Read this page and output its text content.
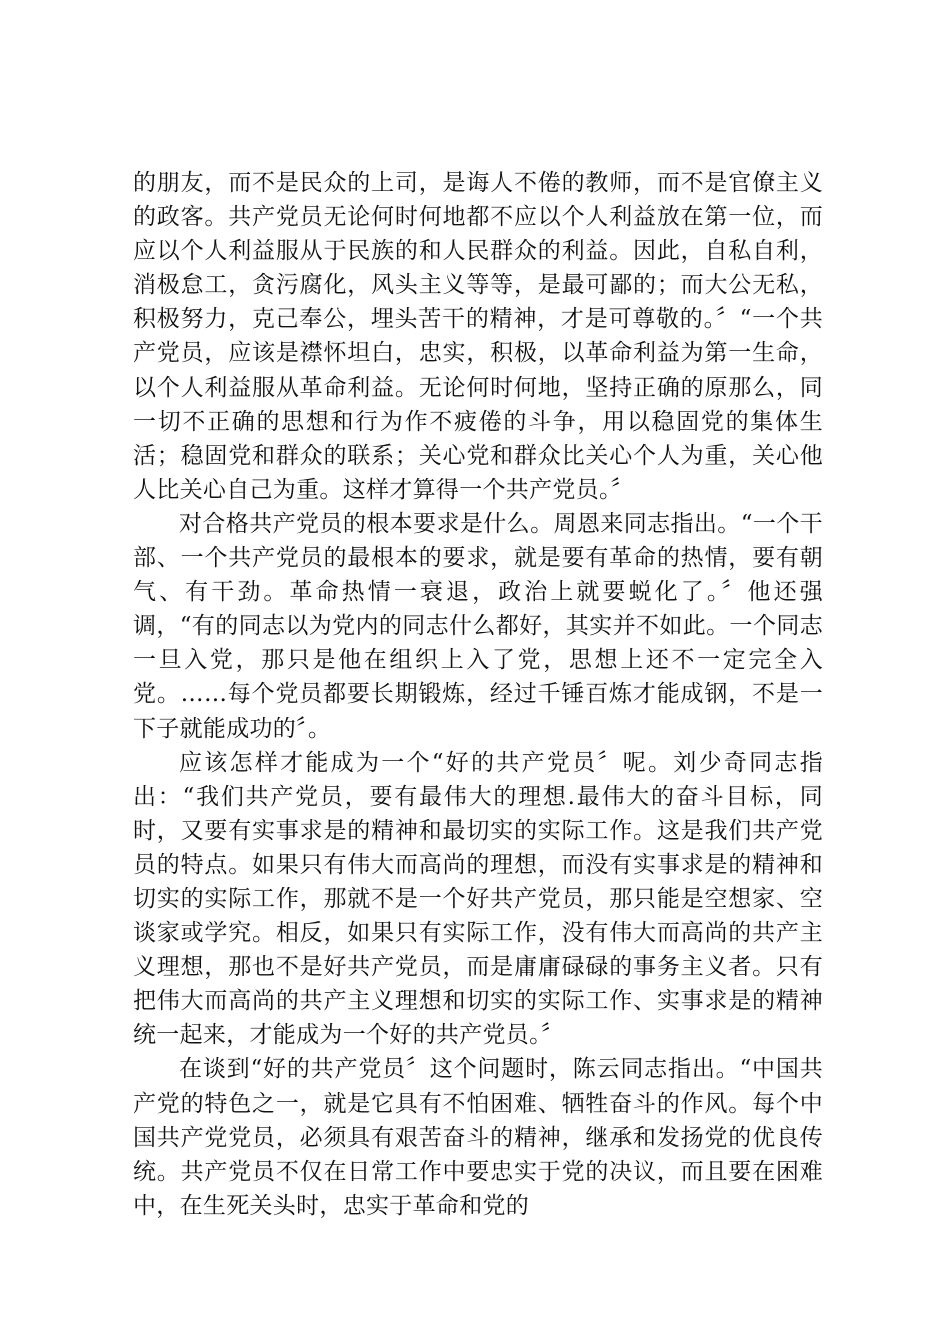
的朋友，而不是民众的上司，是诲人不倦的教师，而不是官僚主义的政客。共产党员无论何时何地都不应以个人利益放在第一位，而应以个人利益服从于民族的和人民群众的利益。因此，自私自利，消极怠工，贪污腐化，风头主义等等，是最可鄙的；而大公无私，积极努力，克己奉公，埋头苦干的精神，才是可尊敬的。〞“一个共产党员，应该是襟怀坦白，忠实，积极，以革命利益为第一生命，以个人利益服从革命利益。无论何时何地，坚持正确的原那么，同一切不正确的思想和行为作不疲倦的斗争，用以稳固党的集体生活；稳固党和群众的联系；关心党和群众比关心个人为重，关心他人比关心自己为重。这样才算得一个共产党员。〞

对合格共产党员的根本要求是什么。周恩来同志指出。“一个干部、一个共产党员的最根本的要求，就是要有革命的热情，要有朝气、有干劲。革命热情一衰退，政治上就要蜕化了。〞他还强调，“有的同志以为党内的同志什么都好，其实并不如此。一个同志一旦入党，那只是他在组织上入了党，思想上还不一定完全入党。……每个党员都要长期锻炼，经过千锤百炼才能成钢，不是一下子就能成功的〞。

应该怎样才能成为一个“好的共产党员〞呢。刘少奇同志指出：“我们共产党员，要有最伟大的理想.最伟大的奋斗目标，同时，又要有实事求是的精神和最切实的实际工作。这是我们共产党员的特点。如果只有伟大而高尚的理想，而没有实事求是的精神和切实的实际工作，那就不是一个好共产党员，那只能是空想家、空谈家或学究。相反，如果只有实际工作，没有伟大而高尚的共产主义理想，那也不是好共产党员，而是庸庸碌碌的事务主义者。只有把伟大而高尚的共产主义理想和切实的实际工作、实事求是的精神统一起来，才能成为一个好的共产党员。〞

在谈到“好的共产党员〞这个问题时，陈云同志指出。“中国共产党的特色之一，就是它具有不怕困难、牺牲奋斗的作风。每个中国共产党党员，必须具有艰苦奋斗的精神，继承和发扬党的优良传统。共产党员不仅在日常工作中要忠实于党的决议，而且要在困难中，在生死关头时，忠实于革命和党的
